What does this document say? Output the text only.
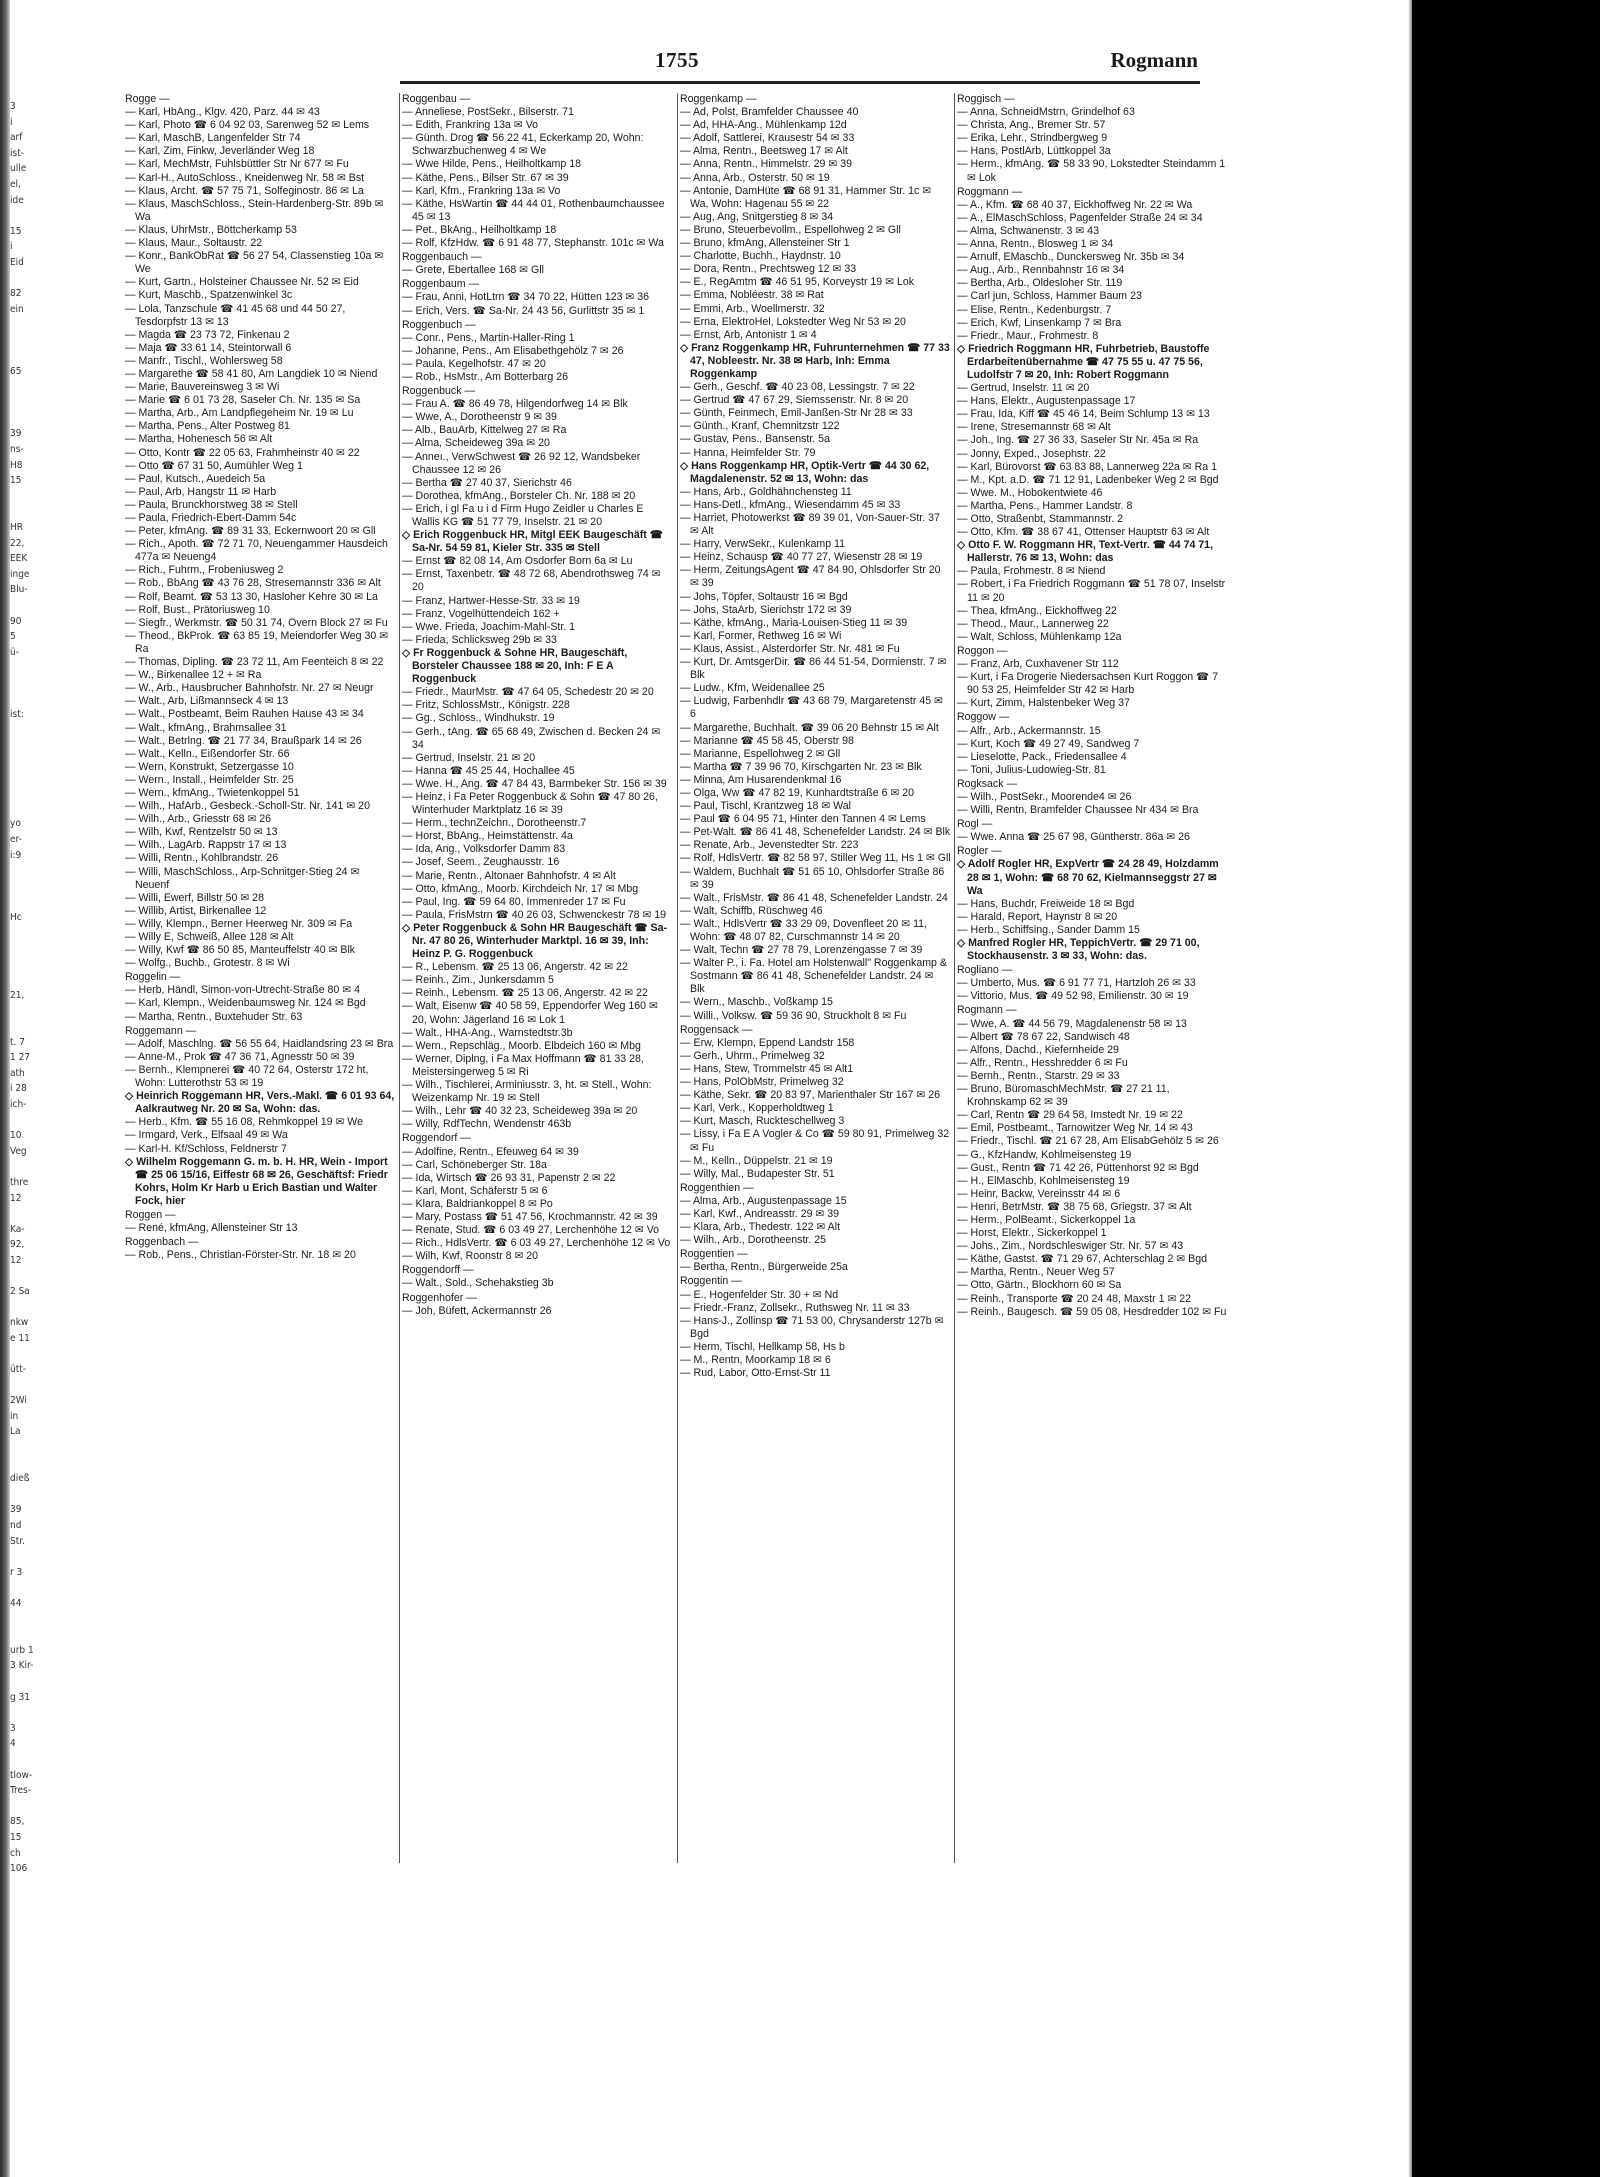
3
i
arf
ist-
ulle
el,
ide
15
i
Eid
82
ein
65
39
ns-
H8
15
HR
22,
EEK
inge
Blu-
90
5
ü-
ist:
yo
er-
i:9
Hc
21,
t. 7
1 27
ath
i 28
ich-
10
Veg
thre
12
Ka-
92,
12
2 Sa
nkw
e 11
ütt-
2Wi
in
La
dieß
39
nd
Str.
r 3
44
urb 1
3 Kir-
g 31
3
4
tlow-
Tres-
85,
15
ch
106
1755	Rogmann
Rogge —
— Karl, HbAng., Klgv. 420, Parz. 44 ✉ 43
— Karl, Photo ☎ 6 04 92 03, Sarenweg 52 ✉ Lems
— Karl, MaschB, Langenfelder Str 74
— Karl, Zim, Finkw, Jeverländer Weg 18
— Karl, MechMstr, Fuhlsbüttler Str Nr 677 ✉ Fu
— Karl-H., AutoSchloss., Kneidenweg Nr. 58 ✉ Bst
— Klaus, Archt. ☎ 57 75 71, Solfeginostr. 86 ✉ La
— Klaus, MaschSchloss., Stein-Hardenberg-Str. 89b ✉ Wa
— Klaus, UhrMstr., Böttcherkamp 53
— Klaus, Maur., Soltaustr. 22
— Konr., BankObRat ☎ 56 27 54, Classenstieg 10a ✉ We
— Kurt, Gartn., Holsteiner Chaussee Nr. 52 ✉ Eid
— Kurt, Maschb., Spatzenwinkel 3c
— Lola, Tanzschule ☎ 41 45 68 und 44 50 27, Tesdorpfstr 13 ✉ 13
— Magda ☎ 23 73 72, Finkenau 2
— Maja ☎ 33 61 14, Steintorwall 6
— Manfr., Tischl., Wohlersweg 58
— Margarethe ☎ 58 41 80, Am Langdiek 10 ✉ Niend
— Marie, Bauvereinsweg 3 ✉ Wi
— Marie ☎ 6 01 73 28, Saseler Ch. Nr. 135 ✉ Sa
— Martha, Arb., Am Landpflegeheim Nr. 19 ✉ Lu
— Martha, Pens., Alter Postweg 81
— Martha, Hohenesch 56 ✉ Alt
— Otto, Kontr ☎ 22 05 63, Frahmheinstr 40 ✉ 22
— Otto ☎ 67 31 50, Aumühler Weg 1
— Paul, Kutsch., Auedeich 5a
— Paul, Arb, Hangstr 11 ✉ Harb
— Paula, Brunckhorstweg 38 ✉ Stell
— Paula, Friedrich-Ebert-Damm 54c
— Peter, kfmAng. ☎ 89 31 33, Eckernwoort 20 ✉ Gll
— Rich., Apoth. ☎ 72 71 70, Neuengammer Hausdeich 477a ✉ Neueng4
— Rich., Fuhrm., Frobeniusweg 2
— Rob., BbAng ☎ 43 76 28, Stresemannstr 336 ✉ Alt
— Rolf, Beamt. ☎ 53 13 30, Hasloher Kehre 30 ✉ La
— Rolf, Bust., Prätoriusweg 10
— Siegfr., Werkmstr. ☎ 50 31 74, Overn Block 27 ✉ Fu
— Theod., BkProk. ☎ 63 85 19, Meiendorfer Weg 30 ✉ Ra
— Thomas, Dipling. ☎ 23 72 11, Am Feenteich 8 ✉ 22
— W., Birkenallee 12 + ✉ Ra
— W., Arb., Hausbrucher Bahnhofstr. Nr. 27 ✉ Neugr
— Walt., Arb, Lißmannseck 4 ✉ 13
— Walt., Postbeamt, Beim Rauhen Hause 43 ✉ 34
— Walt., kfmAng., Brahmsallee 31
— Walt., Betrlng. ☎ 21 77 34, Braußpark 14 ✉ 26
— Walt., Kelln., Eißendorfer Str. 66
— Wern, Konstrukt, Setzergasse 10
— Wern., Install., Heimfelder Str. 25
— Wern., kfmAng., Twietenkoppel 51
— Wilh., HafArb., Gesbeck.-Scholl-Str. Nr. 141 ✉ 20
— Wilh., Arb., Griesstr 68 ✉ 26
— Wilh, Kwf, Rentzelstr 50 ✉ 13
— Wilh., LagArb. Rappstr 17 ✉ 13
— Willi, Rentn., Kohlbrandstr. 26
— Willi, MaschSchloss., Arp-Schnitger-Stieg 24 ✉ Neuenf
— Willi, Ewerf, Billstr 50 ✉ 28
— Willib, Artist, Birkenallee 12
— Willy, Klempn., Berner Heerweg Nr. 309 ✉ Fa
— Willy E, Schweiß, Allee 128 ✉ Alt
— Willy, Kwf ☎ 86 50 85, Manteuffelstr 40 ✉ Blk
— Wolfg., Buchb., Grotestr. 8 ✉ Wi
Roggelin —
— Herb, Händl, Simon-von-Utrecht-Straße 80 ✉ 4
— Karl, Klempn., Weidenbaumsweg Nr. 124 ✉ Bgd
— Martha, Rentn., Buxtehuder Str. 63
Roggemann —
— Adolf, Maschlng. ☎ 56 55 64, Haidlandsring 23 ✉ Bra
— Anne-M., Prok ☎ 47 36 71, Agnesstr 50 ✉ 39
— Bernh., Klempnerei ☎ 40 72 64, Osterstr 172 ht, Wohn: Lutterothstr 53 ✉ 19
◇ Heinrich Roggemann HR, Vers.-Makl. ☎ 6 01 93 64, Aalkrautweg Nr. 20 ✉ Sa, Wohn: das.
— Herb., Kfm. ☎ 55 16 08, Rehmkoppel 19 ✉ We
— Irmgard, Verk., Elfsaal 49 ✉ Wa
— Karl-H. Kf/Schloss, Feldnerstr 7
◇ Wilhelm Roggemann G. m. b. H. HR, Wein - Import ☎ 25 06 15/16, Eiffestr 68 ✉ 26, Geschäftsf: Friedr Kohrs, Holm Kr Harb u Erich Bastian und Walter Fock, hier
Roggen —
— René, kfmAng, Allensteiner Str 13
Roggenbach —
— Rob., Pens., Christian-Förster-Str. Nr. 18 ✉ 20
Roggenbau —
— Anneliese, PostSekr., Bilserstr. 71
— Edith, Frankring 13a ✉ Vo
— Günth. Drog ☎ 56 22 41, Eckerkamp 20, Wohn: Schwarzbuchenweg 4 ✉ We
— Wwe Hilde, Pens., Heilholtkamp 18
— Käthe, Pens., Bilser Str. 67 ✉ 39
— Karl, Kfm., Frankring 13a ✉ Vo
— Käthe, HsWartin ☎ 44 44 01, Rothenbaumchaussee 45 ✉ 13
— Pet., BkAng., Heilholtkamp 18
— Rolf, KfzHdw. ☎ 6 91 48 77, Stephanstr. 101c ✉ Wa
Roggenbauch —
— Grete, Ebertallee 168 ✉ Gll
Roggenbaum —
— Frau, Anni, HotLtrn ☎ 34 70 22, Hütten 123 ✉ 36
— Erich, Vers. ☎ Sa-Nr. 24 43 56, Gurlittstr 35 ✉ 1
Roggenbuch —
— Conr., Pens., Martin-Haller-Ring 1
— Johanne, Pens., Am Elisabethgehölz 7 ✉ 26
— Paula, Kegelhofstr. 47 ✉ 20
— Rob., HsMstr., Am Botterbarg 26
Roggenbuck —
— Frau A. ☎ 86 49 78, Hilgendorfweg 14 ✉ Blk
— Wwe, A., Dorotheenstr 9 ✉ 39
— Alb., BauArb, Kittelweg 27 ✉ Ra
— Alma, Scheideweg 39a ✉ 20
— Anneı., VerwSchwest ☎ 26 92 12, Wandsbeker Chaussee 12 ✉ 26
— Bertha ☎ 27 40 37, Sierichstr 46
— Dorothea, kfmAng., Borsteler Ch. Nr. 188 ✉ 20
— Erich, i gl Fa u i d Firm Hugo Zeidler u Charles E Wallis KG ☎ 51 77 79, Inselstr. 21 ✉ 20
◇ Erich Roggenbuck HR, Mitgl EEK Baugeschäft ☎ Sa-Nr. 54 59 81, Kieler Str. 335 ✉ Stell
— Ernst ☎ 82 08 14, Am Osdorfer Born 6a ✉ Lu
— Ernst, Taxenbetr. ☎ 48 72 68, Abendrothsweg 74 ✉ 20
— Franz, Hartwer-Hesse-Str. 33 ✉ 19
— Franz, Vogelhüttendeich 162 +
— Wwe. Frieda, Joachim-Mahl-Str. 1
— Frieda, Schlicksweg 29b ✉ 33
◇ Fr Roggenbuck & Sohne HR, Baugeschäft, Borsteler Chaussee 188 ✉ 20, Inh: F E A Roggenbuck
— Friedr., MaurMstr. ☎ 47 64 05, Schedestr 20 ✉ 20
— Fritz, SchlossMstr., Königstr. 228
— Gg., Schloss., Windhukstr. 19
— Gerh., tAng. ☎ 65 68 49, Zwischen d. Becken 24 ✉ 34
— Gertrud, Inselstr. 21 ✉ 20
— Hanna ☎ 45 25 44, Hochallee 45
— Wwe. H., Ang. ☎ 47 84 43, Barmbeker Str. 156 ✉ 39
— Heinz, i Fa Peter Roggenbuck & Sohn ☎ 47 80 26, Winterhuder Marktplatz 16 ✉ 39
— Herm., technZeichn., Dorotheenstr.7
— Horst, BbAng., Heimstättenstr. 4a
— Ida, Ang., Volksdorfer Damm 83
— Josef, Seem., Zeughausstr. 16
— Marie, Rentn., Altonaer Bahnhofstr. 4 ✉ Alt
— Otto, kfmAng., Moorb. Kirchdeich Nr. 17 ✉ Mbg
— Paul, Ing. ☎ 59 64 80, Immenreder 17 ✉ Fu
— Paula, FrisMstrn ☎ 40 26 03, Schwenckestr 78 ✉ 19
◇ Peter Roggenbuck & Sohn HR Baugeschäft ☎ Sa-Nr. 47 80 26, Winterhuder Marktpl. 16 ✉ 39, Inh: Heinz P. G. Roggenbuck
— R., Lebensm. ☎ 25 13 06, Angerstr. 42 ✉ 22
— Reinh., Zim., Junkersdamm 5
— Reinh., Lebensm. ☎ 25 13 06, Angerstr. 42 ✉ 22
— Walt, Eisenw ☎ 40 58 59, Eppendorfer Weg 160 ✉ 20, Wohn: Jägerland 16 ✉ Lok 1
— Walt., HHA-Ang., Warnstedtstr.3b
— Wern., Repschläg., Moorb. Elbdeich 160 ✉ Mbg
— Werner, Diplng, i Fa Max Hoffmann ☎ 81 33 28, Meistersingerweg 5 ✉ Ri
— Wilh., Tischlerei, Arminiusstr. 3, ht. ✉ Stell., Wohn: Weizenkamp Nr. 19 ✉ Stell
— Wilh., Lehr ☎ 40 32 23, Scheideweg 39a ✉ 20
— Willy, RdfTechn, Wendenstr 463b
Roggendorf —
— Adolfine, Rentn., Efeuweg 64 ✉ 39
— Carl, Schöneberger Str. 18a
— Ida, Wirtsch ☎ 26 93 31, Papenstr 2 ✉ 22
— Karl, Mont, Schäferstr 5 ✉ 6
— Klara, Baldriankoppel 8 ✉ Po
— Mary, Postass ☎ 51 47 56, Krochmannstr. 42 ✉ 39
— Renate, Stud. ☎ 6 03 49 27, Lerchenhöhe 12 ✉ Vo
— Rich., HdlsVertr. ☎ 6 03 49 27, Lerchenhöhe 12 ✉ Vo
— Wilh, Kwf, Roonstr 8 ✉ 20
Roggendorff —
— Walt., Sold., Schehakstieg 3b
Roggenhofer —
— Joh, Büfett, Ackermannstr 26
Roggenkamp —
— Ad, Polst, Bramfelder Chaussee 40
— Ad, HHA-Ang., Mühlenkamp 12d
— Adolf, Sattlerei, Krausestr 54 ✉ 33
— Alma, Rentn., Beetsweg 17 ✉ Alt
— Anna, Rentn., Himmelstr. 29 ✉ 39
— Anna, Arb., Osterstr. 50 ✉ 19
— Antonie, DamHüte ☎ 68 91 31, Hammer Str. 1c ✉ Wa, Wohn: Hagenau 55 ✉ 22
— Aug, Ang, Snitgerstieg 8 ✉ 34
— Bruno, Steuerbevollm., Espellohweg 2 ✉ Gll
— Bruno, kfmAng, Allensteiner Str 1
— Charlotte, Buchh., Haydnstr. 10
— Dora, Rentn., Prechtsweg 12 ✉ 33
— E., RegAmtm ☎ 46 51 95, Korveystr 19 ✉ Lok
— Emma, Nobléestr. 38 ✉ Rat
— Emmi, Arb., Woellmerstr. 32
— Erna, ElektroHel, Lokstedter Weg Nr 53 ✉ 20
— Ernst, Arb, Antonistr 1 ✉ 4
◇ Franz Roggenkamp HR, Fuhrunternehmen ☎ 77 33 47, Nobleestr. Nr. 38 ✉ Harb, Inh: Emma Roggenkamp
— Gerh., Geschf. ☎ 40 23 08, Lessingstr. 7 ✉ 22
— Gertrud ☎ 47 67 29, Siemssenstr. Nr. 8 ✉ 20
— Günth, Feinmech, Emil-Janßen-Str Nr 28 ✉ 33
— Günth., Kranf, Chemnitzstr 122
— Gustav, Pens., Bansenstr. 5a
— Hanna, Heimfelder Str. 79
◇ Hans Roggenkamp HR, Optik-Vertr ☎ 44 30 62, Magdalenenstr. 52 ✉ 13, Wohn: das
— Hans, Arb., Goldhähnchensteg 11
— Hans-Detl., kfmAng., Wiesendamm 45 ✉ 33
— Harriet, Photowerkst ☎ 89 39 01, Von-Sauer-Str. 37 ✉ Alt
— Harry, VerwSekr., Kulenkamp 11
— Heinz, Schausp ☎ 40 77 27, Wiesenstr 28 ✉ 19
— Herm, ZeitungsAgent ☎ 47 84 90, Ohlsdorfer Str 20 ✉ 39
— Johs, Töpfer, Soltaustr 16 ✉ Bgd
— Johs, StaArb, Sierichstr 172 ✉ 39
— Käthe, kfmAng., Maria-Louisen-Stieg 11 ✉ 39
— Karl, Former, Rethweg 16 ✉ Wi
— Klaus, Assist., Alsterdorfer Str. Nr. 481 ✉ Fu
— Kurt, Dr. AmtsgerDir. ☎ 86 44 51-54, Dormienstr. 7 ✉ Blk
— Ludw., Kfm, Weidenallee 25
— Ludwig, Farbenhdlr ☎ 43 68 79, Margaretenstr 45 ✉ 6
— Margarethe, Buchhalt. ☎ 39 06 20 Behnstr 15 ✉ Alt
— Marianne ☎ 45 58 45, Oberstr 98
— Marianne, Espellohweg 2 ✉ Gll
— Martha ☎ 7 39 96 70, Kirschgarten Nr. 23 ✉ Blk
— Minna, Am Husarendenkmal 16
— Olga, Ww ☎ 47 82 19, Kunhardtstraße 6 ✉ 20
— Paul, Tischl, Krantzweg 18 ✉ Wal
— Paul ☎ 6 04 95 71, Hinter den Tannen 4 ✉ Lems
— Pet-Walt. ☎ 86 41 48, Schenefelder Landstr. 24 ✉ Blk
— Renate, Arb., Jevenstedter Str. 223
— Rolf, HdlsVertr. ☎ 82 58 97, Stiller Weg 11, Hs 1 ✉ Gll
— Waldem, Buchhalt ☎ 51 65 10, Ohlsdorfer Straße 86 ✉ 39
— Walt., FrisMstr. ☎ 86 41 48, Schenefelder Landstr. 24
— Walt, Schiffb, Rüschweg 46
— Walt., HdlsVertr ☎ 33 29 09, Dovenfleet 20 ✉ 11, Wohn: ☎ 48 07 82, Curschmannstr 14 ✉ 20
— Walt, Techn ☎ 27 78 79, Lorenzengasse 7 ✉ 39
— Walter P., i. Fa. Hotel am Holstenwall" Roggenkamp & Sostmann ☎ 86 41 48, Schenefelder Landstr. 24 ✉ Blk
— Wern., Maschb., Voßkamp 15
— Willi., Volksw. ☎ 59 36 90, Struckholt 8 ✉ Fu
Roggensack —
— Erw, Klempn, Eppend Landstr 158
— Gerh., Uhrm., Primelweg 32
— Hans, Stew, Trommelstr 45 ✉ Alt1
— Hans, PolObMstr, Primelweg 32
— Käthe, Sekr. ☎ 20 83 97, Marienthaler Str 167 ✉ 26
— Karl, Verk., Kopperholdtweg 1
— Kurt, Masch, Ruckteschellweg 3
— Lissy, i Fa E A Vogler & Co ☎ 59 80 91, Primelweg 32 ✉ Fu
— M., Kelln., Düppelstr. 21 ✉ 19
— Willy, Mal., Budapester Str. 51
Roggenthien —
— Alma, Arb., Augustenpassage 15
— Karl, Kwf., Andreasstr. 29 ✉ 39
— Klara, Arb., Thedestr. 122 ✉ Alt
— Wilh., Arb., Dorotheenstr. 25
Roggentien —
— Bertha, Rentn., Bürgerweide 25a
Roggentin —
— E., Hogenfelder Str. 30 + ✉ Nd
— Friedr.-Franz, Zollsekr., Ruthsweg Nr. 11 ✉ 33
— Hans-J., Zollinsp ☎ 71 53 00, Chrysanderstr 127b ✉ Bgd
— Herm, Tischl, Hellkamp 58, Hs b
— M., Rentn, Moorkamp 18 ✉ 6
— Rud, Labor, Otto-Ernst-Str 11
Roggisch —
— Anna, SchneidMstrn, Grindelhof 63
— Christa, Ang., Bremer Str. 57
— Erika, Lehr., Strindbergweg 9
— Hans, PostlArb, Lüttkoppel 3a
— Herm., kfmAng. ☎ 58 33 90, Lokstedter Steindamm 1 ✉ Lok
Roggmann —
— A., Kfm. ☎ 68 40 37, Eickhoffweg Nr. 22 ✉ Wa
— A., ElMaschSchloss, Pagenfelder Straße 24 ✉ 34
— Alma, Schwanenstr. 3 ✉ 43
— Anna, Rentn., Blosweg 1 ✉ 34
— Arnulf, EMaschb., Dunckersweg Nr. 35b ✉ 34
— Aug., Arb., Rennbahnstr 16 ✉ 34
— Bertha, Arb., Oldesloher Str. 119
— Carl jun, Schloss, Hammer Baum 23
— Elise, Rentn., Kedenburgstr. 7
— Erich, Kwf, Linsenkamp 7 ✉ Bra
— Friedr., Maur., Frohmestr. 8
◇ Friedrich Roggmann HR, Fuhrbetrieb, Baustoffe Erdarbeitenübernahme ☎ 47 75 55 u. 47 75 56, Ludolfstr 7 ✉ 20, Inh: Robert Roggmann
— Gertrud, Inselstr. 11 ✉ 20
— Hans, Elektr., Augustenpassage 17
— Frau, Ida, Kiff ☎ 45 46 14, Beim Schlump 13 ✉ 13
— Irene, Stresemannstr 68 ✉ Alt
— Joh., Ing. ☎ 27 36 33, Saseler Str Nr. 45a ✉ Ra
— Jonny, Exped., Josephstr. 22
— Karl, Bürovorst ☎ 63 83 88, Lannerweg 22a ✉ Ra 1
— M., Kpt. a.D. ☎ 71 12 91, Ladenbeker Weg 2 ✉ Bgd
— Wwe. M., Hobokentwiete 46
— Martha, Pens., Hammer Landstr. 8
— Otto, Straßenbt, Stammannstr. 2
— Otto, Kfm. ☎ 38 67 41, Ottenser Hauptstr 63 ✉ Alt
◇ Otto F. W. Roggmann HR, Text-Vertr. ☎ 44 74 71, Hallerstr. 76 ✉ 13, Wohn: das
— Paula, Frohmestr. 8 ✉ Niend
— Robert, i Fa Friedrich Roggmann ☎ 51 78 07, Inselstr 11 ✉ 20
— Thea, kfmAng., Eickhoffweg 22
— Theod., Maur., Lannerweg 22
— Walt, Schloss, Mühlenkamp 12a
Roggon —
— Franz, Arb, Cuxhavener Str 112
— Kurt, i Fa Drogerie Niedersachsen Kurt Roggon ☎ 7 90 53 25, Heimfelder Str 42 ✉ Harb
— Kurt, Zimm, Halstenbeker Weg 37
Roggow —
— Alfr., Arb., Ackermannstr. 15
— Kurt, Koch ☎ 49 27 49, Sandweg 7
— Lieselotte, Pack., Friedensallee 4
— Toni, Julius-Ludowieg-Str. 81
Rogksack —
— Wilh., PostSekr., Moorende4 ✉ 26
— Willi, Rentn, Bramfelder Chaussee Nr 434 ✉ Bra
Rogl —
— Wwe. Anna ☎ 25 67 98, Güntherstr. 86a ✉ 26
Rogler —
◇ Adolf Rogler HR, ExpVertr ☎ 24 28 49, Holzdamm 28 ✉ 1, Wohn: ☎ 68 70 62, Kielmannseggstr 27 ✉ Wa
— Hans, Buchdr, Freiweide 18 ✉ Bgd
— Harald, Report, Haynstr 8 ✉ 20
— Herb., Schiffsing., Sander Damm 15
◇ Manfred Rogler HR, TeppichVertr. ☎ 29 71 00, Stockhausenstr. 3 ✉ 33, Wohn: das.
Rogliano —
— Umberto, Mus. ☎ 6 91 77 71, Hartzloh 26 ✉ 33
— Vittorio, Mus. ☎ 49 52 98, Emilienstr. 30 ✉ 19
Rogmann —
— Wwe, A. ☎ 44 56 79, Magdalenenstr 58 ✉ 13
— Albert ☎ 78 67 22, Sandwisch 48
— Alfons, Dachd., Kiefernheide 29
— Alfr., Rentn., Hesshredder 6 ✉ Fu
— Bernh., Rentn., Starstr. 29 ✉ 33
— Bruno, BüromaschMechMstr. ☎ 27 21 11, Krohnskamp 62 ✉ 39
— Carl, Rentn ☎ 29 64 58, Imstedt Nr. 19 ✉ 22
— Emil, Postbeamt., Tarnowitzer Weg Nr. 14 ✉ 43
— Friedr., Tischl. ☎ 21 67 28, Am ElisabGehölz 5 ✉ 26
— G., KfzHandw, Kohlmeisensteg 19
— Gust., Rentn ☎ 71 42 26, Püttenhorst 92 ✉ Bgd
— H., ElMaschb, Kohlmeisensteg 19
— Heinr, Backw, Vereinsstr 44 ✉ 6
— Henri, BetrMstr. ☎ 38 75 68, Griegstr. 37 ✉ Alt
— Herm., PolBeamt., Sickerkoppel 1a
— Horst, Elektr., Sickerkoppel 1
— Johs., Zim., Nordschleswiger Str. Nr. 57 ✉ 43
— Käthe, Gastst. ☎ 71 29 67, Achterschlag 2 ✉ Bgd
— Martha, Rentn., Neuer Weg 57
— Otto, Gärtn., Blockhorn 60 ✉ Sa
— Reinh., Transporte ☎ 20 24 48, Maxstr 1 ✉ 22
— Reinh., Baugesch. ☎ 59 05 08, Hesdredder 102 ✉ Fu
